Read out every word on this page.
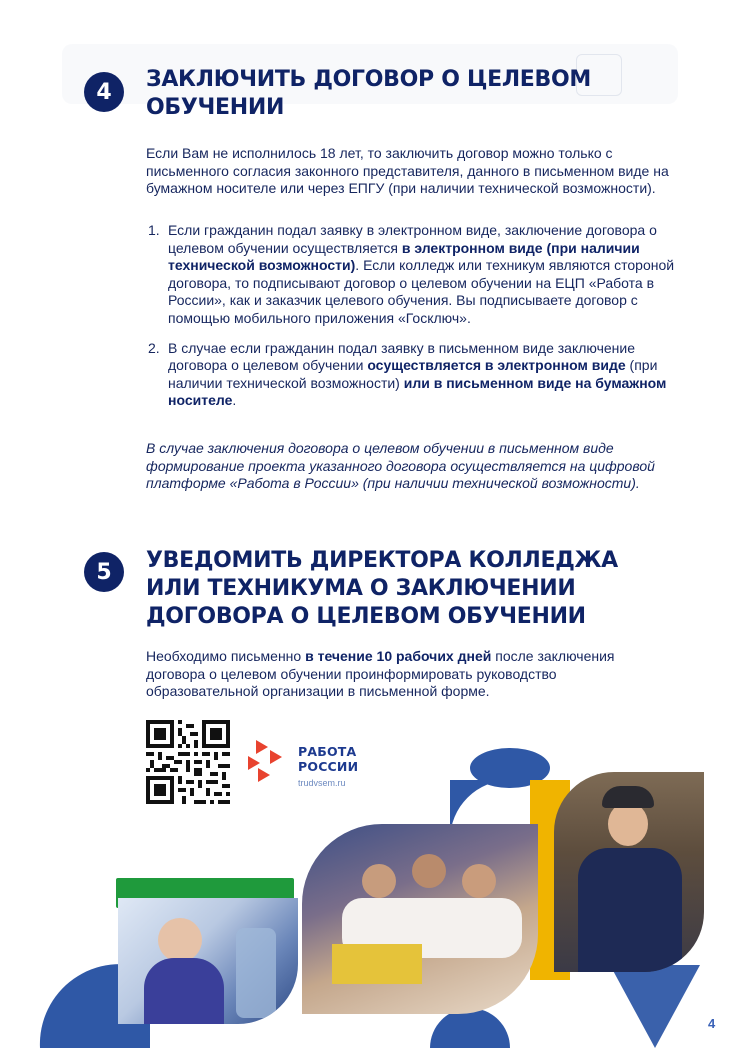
4	ЗАКЛЮЧИТЬ ДОГОВОР О ЦЕЛЕВОМ
ОБУЧЕНИИ

Если Вам не исполнилось 18 лет, то заключить договор можно только с письменного согласия законного представителя, данного в письменном виде на бумажном носителе или через ЕПГУ (при наличии технической возможности).

1. Если гражданин подал заявку в электронном виде, заключение договора о целевом обучении осуществляется в электронном виде (при наличии технической возможности). Если колледж или техникум являются стороной договора, то подписывают договор о целевом обучении на ЕЦП «Работа в России», как и заказчик целевого обучения. Вы подписываете договор с помощью мобильного приложения «Госключ».
2. В случае если гражданин подал заявку в письменном виде заключение договора о целевом обучении осуществляется в электронном виде (при наличии технической возможности) или в письменном виде на бумажном носителе.

В случае заключения договора о целевом обучении в письменном виде формирование проекта указанного договора осуществляется на цифровой платформе «Работа в России» (при наличии технической возможности).

5	УВЕДОМИТЬ ДИРЕКТОРА КОЛЛЕДЖА
ИЛИ ТЕХНИКУМА О ЗАКЛЮЧЕНИИ
ДОГОВОРА О ЦЕЛЕВОМ ОБУЧЕНИИ

Необходимо письменно в течение 10 рабочих дней после заключения договора о целевом обучении проинформировать руководство образовательной организации в письменной форме.

РАБОТА
РОССИИ
trudvsem.ru
4
